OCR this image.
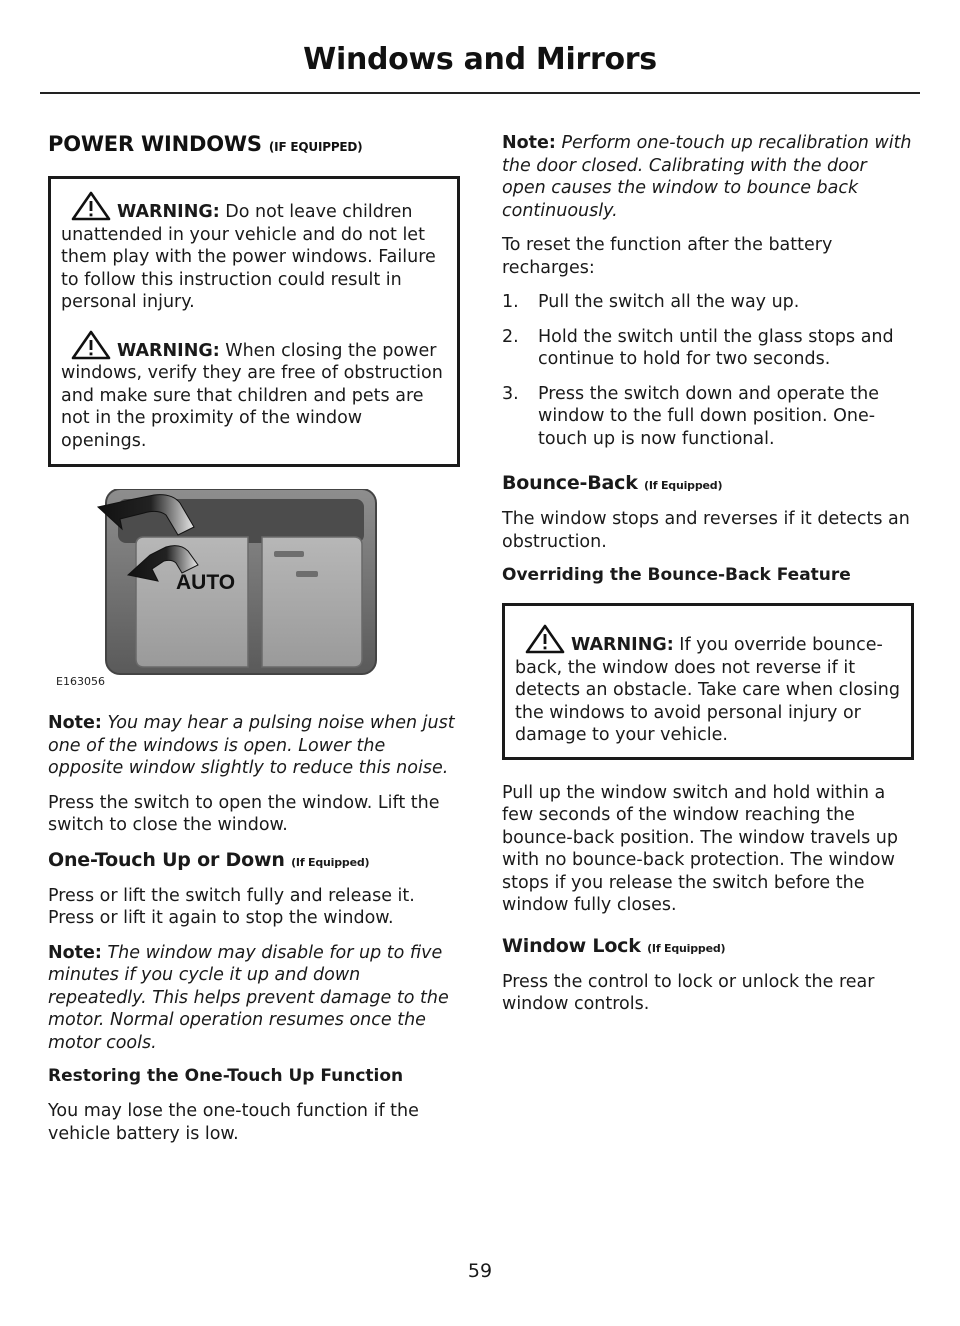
Windows and Mirrors
POWER WINDOWS (IF EQUIPPED)
WARNING: Do not leave children unattended in your vehicle and do not let them play with the power windows. Failure to follow this instruction could result in personal injury.
WARNING: When closing the power windows, verify they are free of obstruction and make sure that children and pets are not in the proximity of the window openings.
AUTO
E163056

Note: You may hear a pulsing noise when just one of the windows is open. Lower the opposite window slightly to reduce this noise.

Press the switch to open the window. Lift the switch to close the window.

One-Touch Up or Down (If Equipped)

Press or lift the switch fully and release it. Press or lift it again to stop the window.

Note: The window may disable for up to five minutes if you cycle it up and down repeatedly. This helps prevent damage to the motor. Normal operation resumes once the motor cools.

Restoring the One-Touch Up Function

You may lose the one-touch function if the vehicle battery is low.

Note: Perform one-touch up recalibration with the door closed. Calibrating with the door open causes the window to bounce back continuously.

To reset the function after the battery recharges:

1. Pull the switch all the way up.
2. Hold the switch until the glass stops and continue to hold for two seconds.
3. Press the switch down and operate the window to the full down position. One-touch up is now functional.
Bounce-Back (If Equipped)

The window stops and reverses if it detects an obstruction.

Overriding the Bounce-Back Feature
WARNING: If you override bounce-back, the window does not reverse if it detects an obstacle. Take care when closing the windows to avoid personal injury or damage to your vehicle.

Pull up the window switch and hold within a few seconds of the window reaching the bounce-back position. The window travels up with no bounce-back protection. The window stops if you release the switch before the window fully closes.

Window Lock (If Equipped)

Press the control to lock or unlock the rear window controls.

59
